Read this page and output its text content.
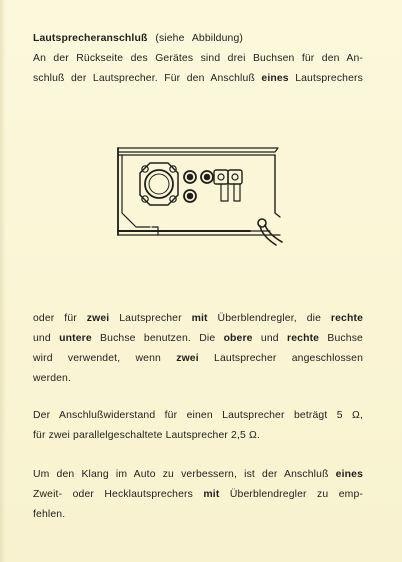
Lautsprecheranschluß (siehe Abbildung)
An der Rückseite des Gerätes sind drei Buchsen für den An-
schluß der Lautsprecher. Für den Anschluß eines Lautsprechers
oder für zwei Lautsprecher mit Überblendregler, die rechte
und untere Buchse benutzen. Die obere und rechte Buchse
wird verwendet, wenn zwei Lautsprecher angeschlossen
werden.
Der Anschlußwiderstand für einen Lautsprecher beträgt 5 Ω,
für zwei parallelgeschaltete Lautsprecher 2,5 Ω.
Um den Klang im Auto zu verbessern, ist der Anschluß eines
Zweit- oder Hecklautsprechers mit Überblendregler zu emp-
fehlen.
